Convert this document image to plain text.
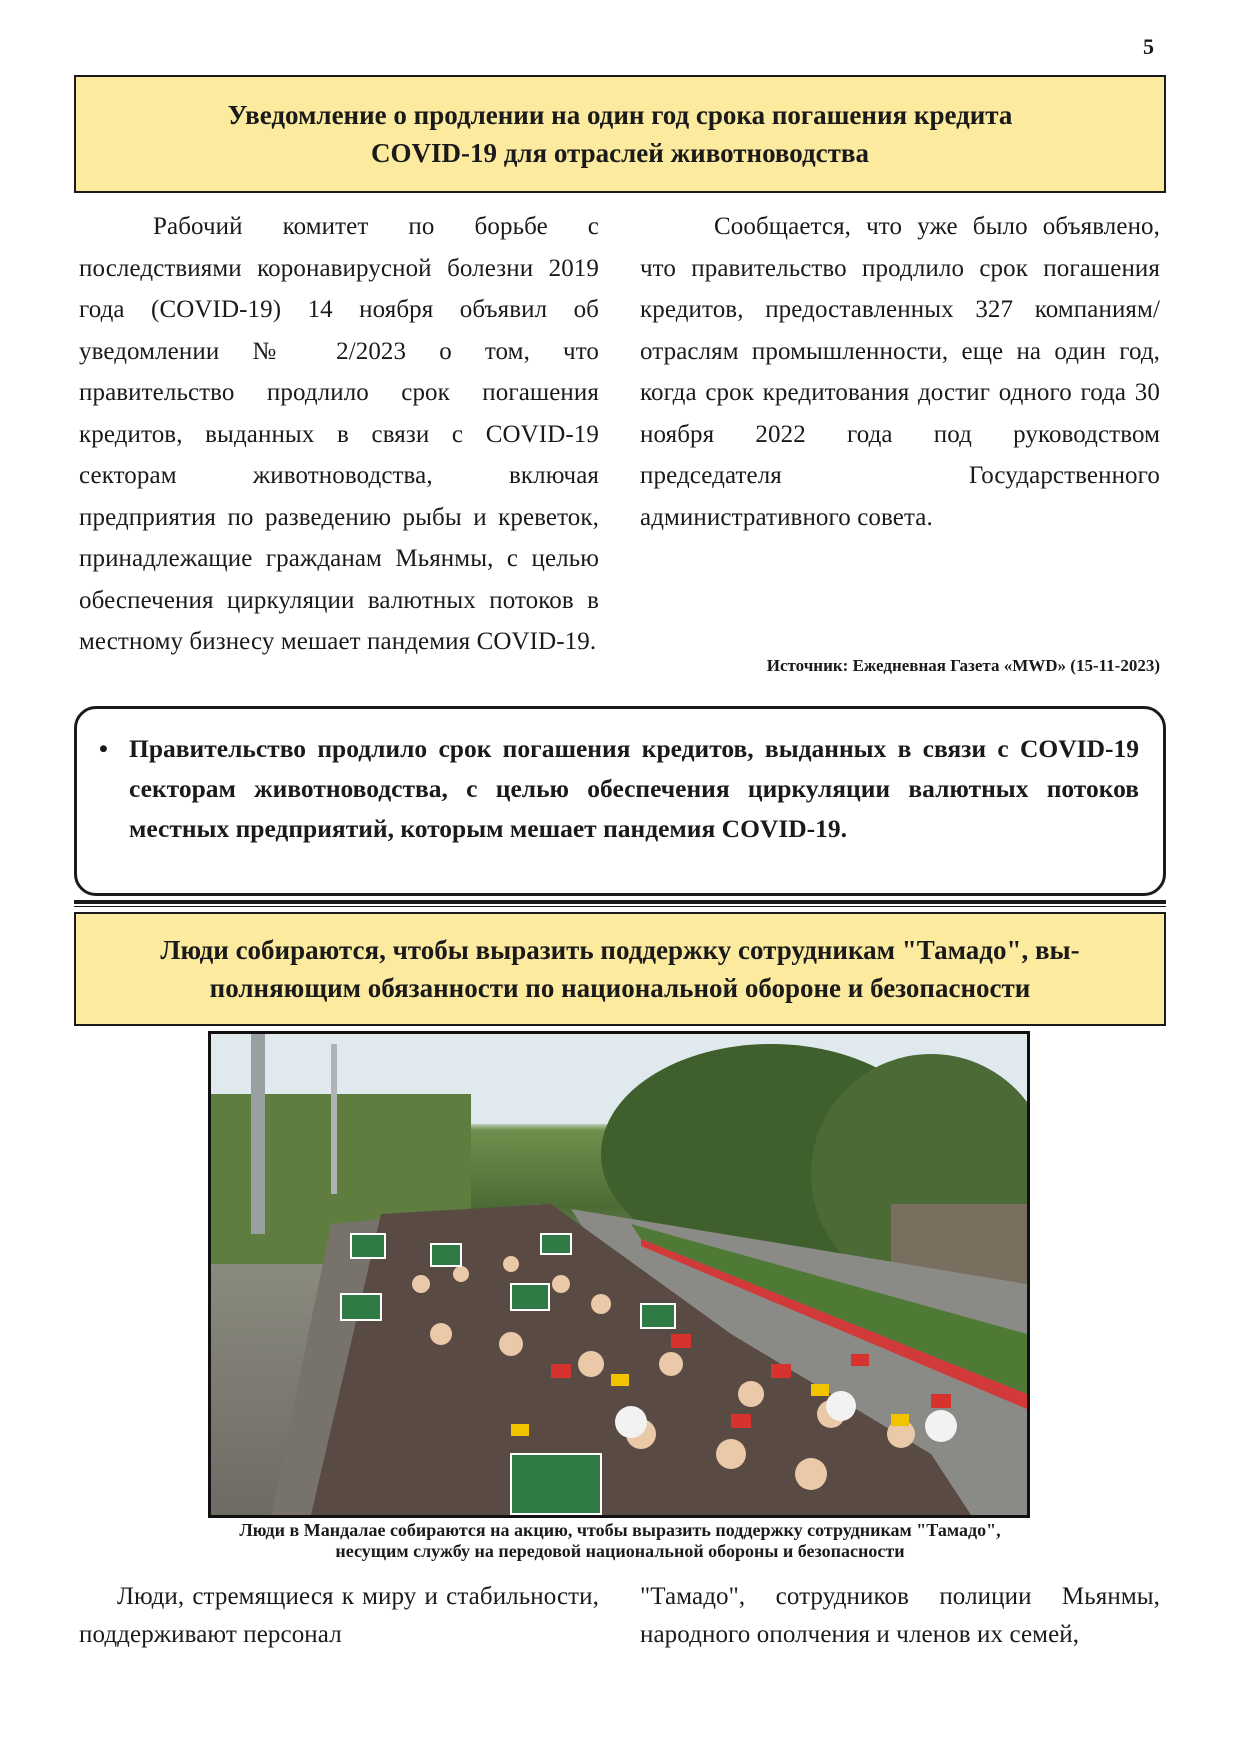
5
Уведомление о продлении на один год срока погашения кредита
COVID-19 для отраслей животноводства

Рабочий комитет по борьбе с последствиями коронавирусной болезни 2019 года (COVID-19) 14 ноября объявил об уведомлении № 2/2023 о том, что правительство продлило срок погашения кредитов, выданных в связи с COVID-19 секторам животноводства, включая предприятия по разведению рыбы и креветок, принадлежащие гражданам Мьянмы, с целью обеспечения циркуляции валютных потоков в местному бизнесу мешает пандемия COVID-19.

Сообщается, что уже было объявлено, что правительство продлило срок погашения кредитов, предоставленных 327 компаниям/отраслям промышленности, еще на один год, когда срок кредитования достиг одного года 30 ноября 2022 года под руководством председателя Государственного административного совета.

Источник: Ежедневная Газета «MWD» (15-11-2023)
• Правительство продлило срок погашения кредитов, выданных в связи с COVID-19 секторам животноводства, с целью обеспечения циркуляции валютных потоков местных предприятий, которым мешает пандемия COVID-19.
Люди собираются, чтобы выразить поддержку сотрудникам "Тамадо", вы-
полняющим обязанности по национальной обороне и безопасности
Люди в Мандалае собираются на акцию, чтобы выразить поддержку сотрудникам "Тамадо",
несущим службу на передовой национальной обороны и безопасности

Люди, стремящиеся к миру и стабильности, поддерживают персонал

"Тамадо", сотрудников полиции Мьянмы, народного ополчения и членов их семей,
